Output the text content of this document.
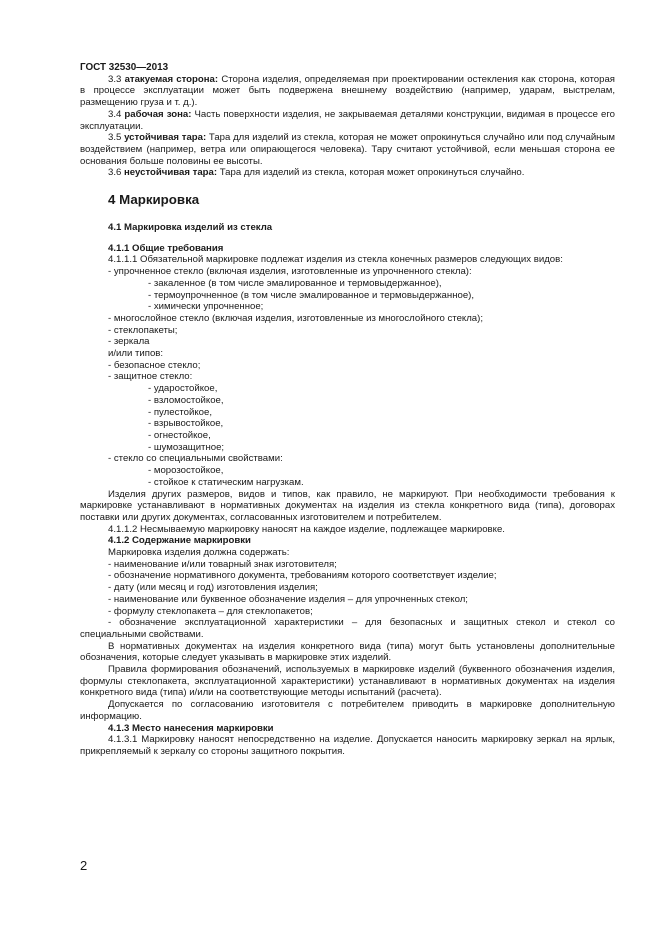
ГОСТ 32530—2013

3.3 атакуемая сторона: Сторона изделия, определяемая при проектировании остекления как сторона, которая в процессе эксплуатации может быть подвержена внешнему воздействию (например, ударам, выстрелам, размещению груза и т. д.).

3.4 рабочая зона: Часть поверхности изделия, не закрываемая деталями конструкции, видимая в процессе его эксплуатации.

3.5 устойчивая тара: Тара для изделий из стекла, которая не может опрокинуться случайно или под случайным воздействием (например, ветра или опирающегося человека). Тару считают устойчивой, если меньшая сторона ее основания больше половины ее высоты.

3.6 неустойчивая тара: Тара для изделий из стекла, которая может опрокинуться случайно.

4 Маркировка
4.1 Маркировка изделий из стекла
4.1.1 Общие требования

4.1.1.1 Обязательной маркировке подлежат изделия из стекла конечных размеров следующих видов:

- упрочненное стекло (включая изделия, изготовленные из упрочненного стекла):

- закаленное (в том числе эмалированное и термовыдержанное),

- термоупрочненное (в том числе эмалированное и термовыдержанное),

- химически упрочненное;

- многослойное стекло (включая изделия, изготовленные из многослойного стекла);

- стеклопакеты;

- зеркала

и/или типов:

- безопасное стекло;

- защитное стекло:

- ударостойкое,

- взломостойкое,

- пулестойкое,

- взрывостойкое,

- огнестойкое,

- шумозащитное;

- стекло со специальными свойствами:

- морозостойкое,

- стойкое к статическим нагрузкам.

Изделия других размеров, видов и типов, как правило, не маркируют. При необходимости требования к маркировке устанавливают в нормативных документах на изделия из стекла конкретного вида (типа), договорах поставки или других документах, согласованных изготовителем и потребителем.

4.1.1.2 Несмываемую маркировку наносят на каждое изделие, подлежащее маркировке.

4.1.2 Содержание маркировки

Маркировка изделия должна содержать:

- наименование и/или товарный знак изготовителя;

- обозначение нормативного документа, требованиям которого соответствует изделие;

- дату (или месяц и год) изготовления изделия;

- наименование или буквенное обозначение изделия – для упрочненных стекол;

- формулу стеклопакета – для стеклопакетов;

- обозначение эксплуатационной характеристики – для безопасных и защитных стекол и стекол со специальными свойствами.

В нормативных документах на изделия конкретного вида (типа) могут быть установлены дополнительные обозначения, которые следует указывать в маркировке этих изделий.

Правила формирования обозначений, используемых в маркировке изделий (буквенного обозначения изделия, формулы стеклопакета, эксплуатационной характеристики) устанавливают в нормативных документах на изделия конкретного вида (типа) и/или на соответствующие методы испытаний (расчета).

Допускается по согласованию изготовителя с потребителем приводить в маркировке дополнительную информацию.

4.1.3 Место нанесения маркировки

4.1.3.1 Маркировку наносят непосредственно на изделие. Допускается наносить маркировку зеркал на ярлык, прикрепляемый к зеркалу со стороны защитного покрытия.

2
